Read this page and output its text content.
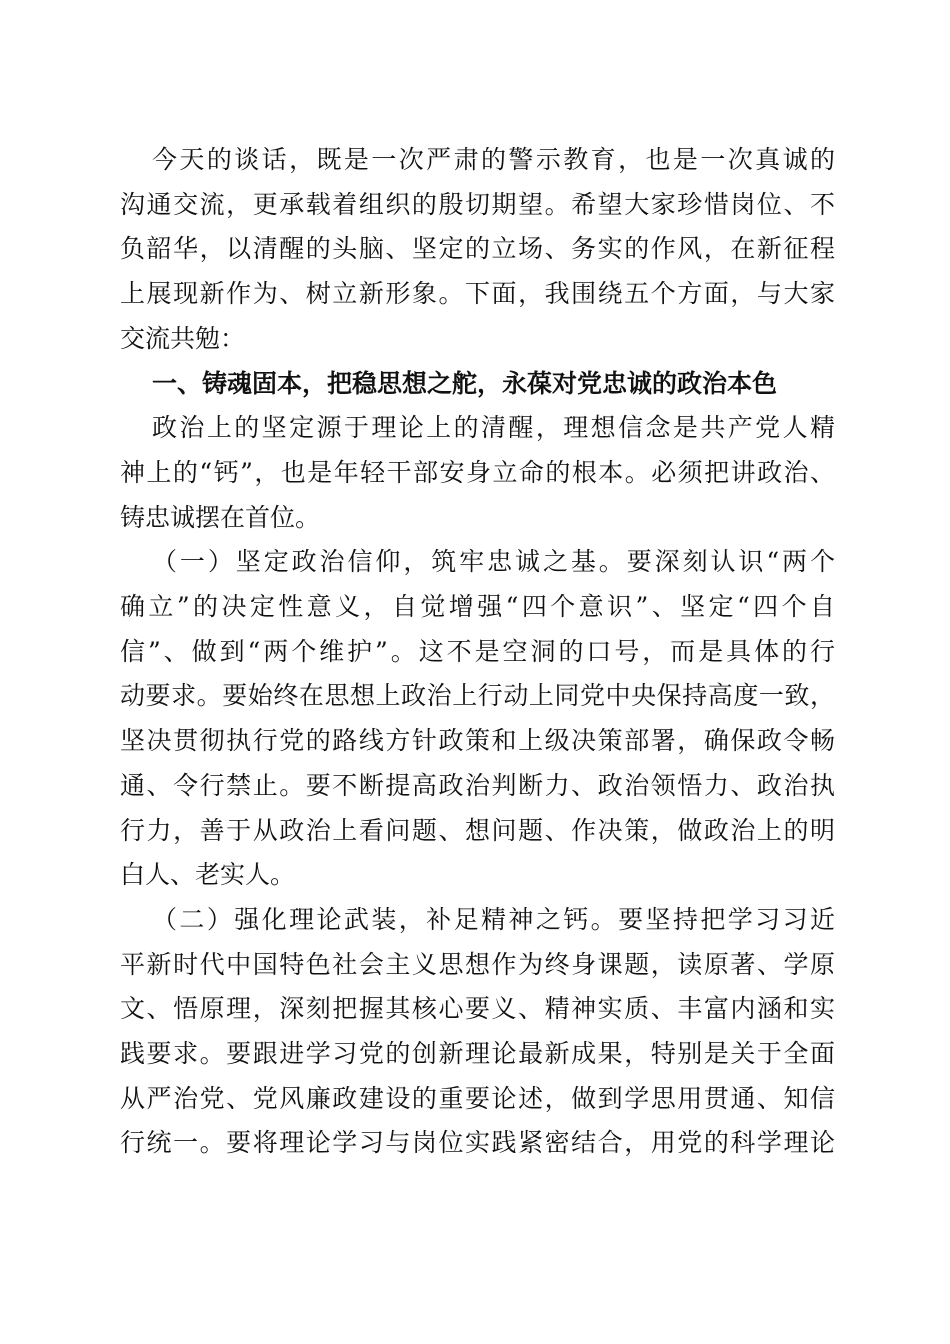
今天的谈话，既是一次严肃的警示教育，也是一次真诚的
沟通交流，更承载着组织的殷切期望。希望大家珍惜岗位、不
负韶华，以清醒的头脑、坚定的立场、务实的作风，在新征程
上展现新作为、树立新形象。下面，我围绕五个方面，与大家
交流共勉：
一、铸魂固本，把稳思想之舵，永葆对党忠诚的政治本色
政治上的坚定源于理论上的清醒，理想信念是共产党人精
神上的“钙”，也是年轻干部安身立命的根本。必须把讲政治、
铸忠诚摆在首位。
（一）坚定政治信仰，筑牢忠诚之基。要深刻认识“两个
确立”的决定性意义，自觉增强“四个意识”、坚定“四个自
信”、做到“两个维护”。这不是空洞的口号，而是具体的行
动要求。要始终在思想上政治上行动上同党中央保持高度一致，
坚决贯彻执行党的路线方针政策和上级决策部署，确保政令畅
通、令行禁止。要不断提高政治判断力、政治领悟力、政治执
行力，善于从政治上看问题、想问题、作决策，做政治上的明
白人、老实人。
（二）强化理论武装，补足精神之钙。要坚持把学习习近
平新时代中国特色社会主义思想作为终身课题，读原著、学原
文、悟原理，深刻把握其核心要义、精神实质、丰富内涵和实
践要求。要跟进学习党的创新理论最新成果，特别是关于全面
从严治党、党风廉政建设的重要论述，做到学思用贯通、知信
行统一。要将理论学习与岗位实践紧密结合，用党的科学理论
